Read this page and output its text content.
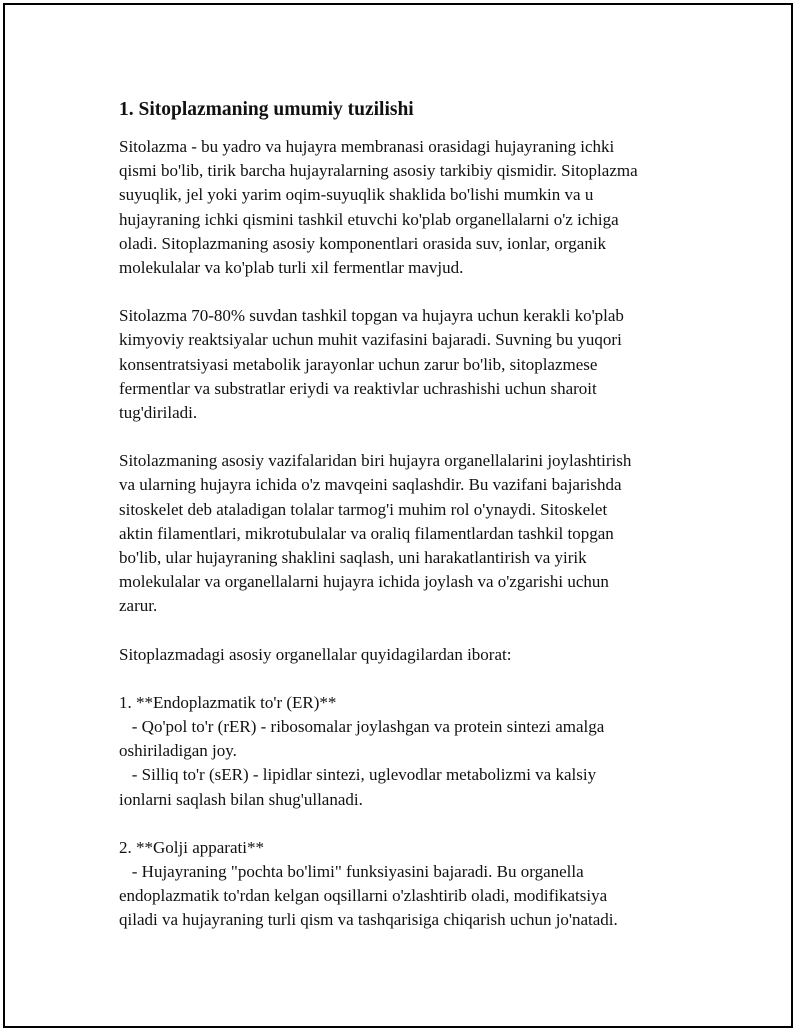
1. Sitoplazmaning umumiy tuzilishi

Sitolazma - bu yadro va hujayra membranasi orasidagi hujayraning ichki
qismi bo'lib, tirik barcha hujayralarning asosiy tarkibiy qismidir. Sitoplazma
suyuqlik, jel yoki yarim oqim-suyuqlik shaklida bo'lishi mumkin va u
hujayraning ichki qismini tashkil etuvchi ko'plab organellalarni o'z ichiga
oladi. Sitoplazmaning asosiy komponentlari orasida suv, ionlar, organik
molekulalar va ko'plab turli xil fermentlar mavjud.

Sitolazma 70-80% suvdan tashkil topgan va hujayra uchun kerakli ko'plab
kimyoviy reaktsiyalar uchun muhit vazifasini bajaradi. Suvning bu yuqori
konsentratsiyasi metabolik jarayonlar uchun zarur bo'lib, sitoplazmese
fermentlar va substratlar eriydi va reaktivlar uchrashishi uchun sharoit
tug'diriladi.

Sitolazmaning asosiy vazifalaridan biri hujayra organellalarini joylashtirish
va ularning hujayra ichida o'z mavqeini saqlashdir. Bu vazifani bajarishda
sitoskelet deb ataladigan tolalar tarmog'i muhim rol o'ynaydi. Sitoskelet
aktin filamentlari, mikrotubulalar va oraliq filamentlardan tashkil topgan
bo'lib, ular hujayraning shaklini saqlash, uni harakatlantirish va yirik
molekulalar va organellalarni hujayra ichida joylash va o'zgarishi uchun
zarur.

Sitoplazmadagi asosiy organellalar quyidagilardan iborat:

1. **Endoplazmatik to'r (ER)**
- Qo'pol to'r (rER) - ribosomalar joylashgan va protein sintezi amalga
oshiriladigan joy.
- Silliq to'r (sER) - lipidlar sintezi, uglevodlar metabolizmi va kalsiy
ionlarni saqlash bilan shug'ullanadi.

2. **Golji apparati**
- Hujayraning "pochta bo'limi" funksiyasini bajaradi. Bu organella
endoplazmatik to'rdan kelgan oqsillarni o'zlashtirib oladi, modifikatsiya
qiladi va hujayraning turli qism va tashqarisiga chiqarish uchun jo'natadi.
